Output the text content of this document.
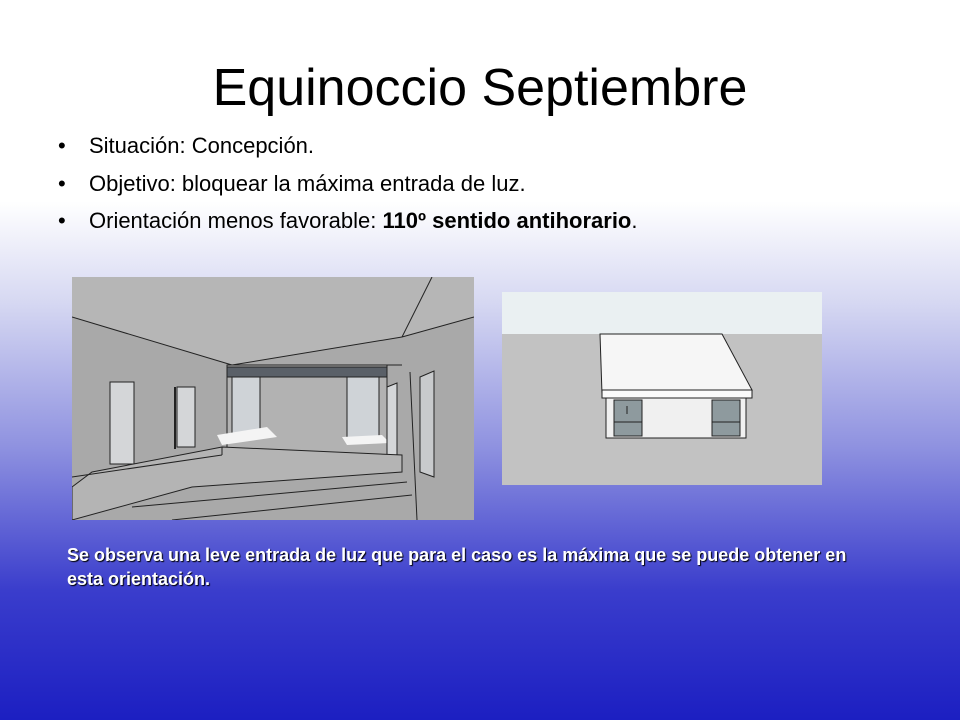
Equinoccio Septiembre
• Situación: Concepción.
• Objetivo: bloquear la máxima entrada de luz.
• Orientación menos favorable: 110º sentido antihorario.
Se observa una leve entrada de luz que para el caso es la máxima que se puede obtener en esta orientación.
